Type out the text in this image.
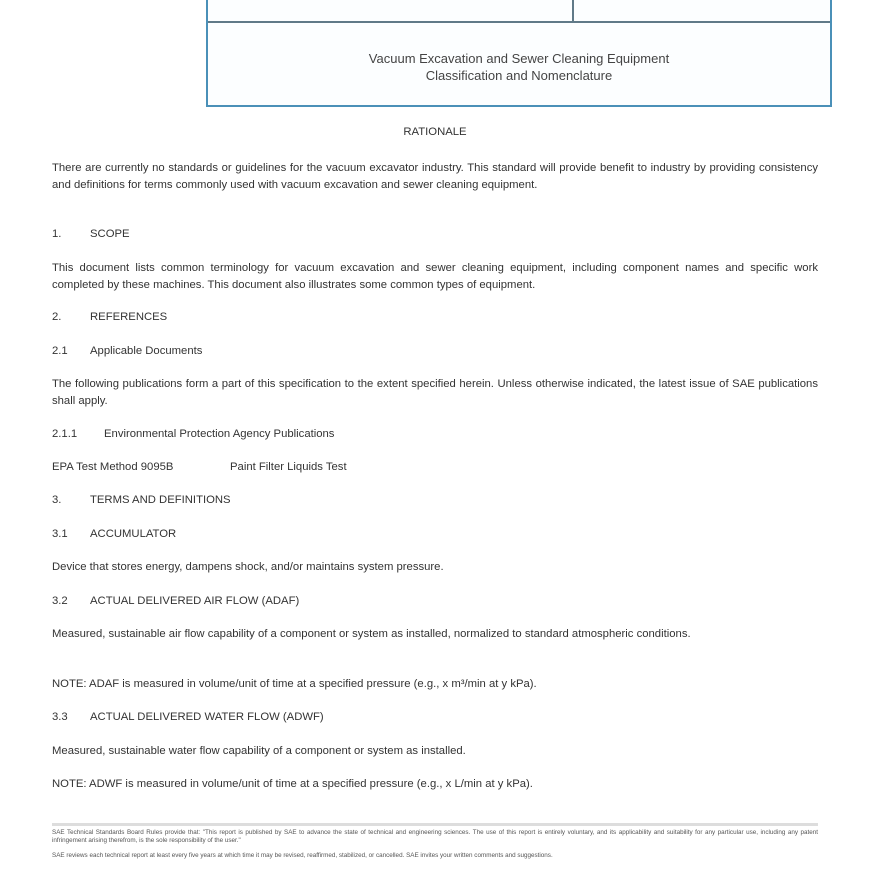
Vacuum Excavation and Sewer Cleaning Equipment
Classification and Nomenclature
RATIONALE
There are currently no standards or guidelines for the vacuum excavator industry. This standard will provide benefit to industry by providing consistency and definitions for terms commonly used with vacuum excavation and sewer cleaning equipment.
1.	SCOPE
This document lists common terminology for vacuum excavation and sewer cleaning equipment, including component names and specific work completed by these machines. This document also illustrates some common types of equipment.
2.	REFERENCES
2.1 Applicable Documents
The following publications form a part of this specification to the extent specified herein. Unless otherwise indicated, the latest issue of SAE publications shall apply.
2.1.1 Environmental Protection Agency Publications
EPA Test Method 9095B	Paint Filter Liquids Test
3.	TERMS AND DEFINITIONS
3.1 ACCUMULATOR
Device that stores energy, dampens shock, and/or maintains system pressure.
3.2 ACTUAL DELIVERED AIR FLOW (ADAF)
Measured, sustainable air flow capability of a component or system as installed, normalized to standard atmospheric conditions.
NOTE: ADAF is measured in volume/unit of time at a specified pressure (e.g., x m³/min at y kPa).
3.3 ACTUAL DELIVERED WATER FLOW (ADWF)
Measured, sustainable water flow capability of a component or system as installed.
NOTE: ADWF is measured in volume/unit of time at a specified pressure (e.g., x L/min at y kPa).
SAE Technical Standards Board Rules provide that: "This report is published by SAE to advance the state of technical and engineering sciences. The use of this report is entirely voluntary, and its applicability and suitability for any particular use, including any patent infringement arising therefrom, is the sole responsibility of the user."
SAE reviews each technical report at least every five years at which time it may be revised, reaffirmed, stabilized, or cancelled. SAE invites your written comments and suggestions.
